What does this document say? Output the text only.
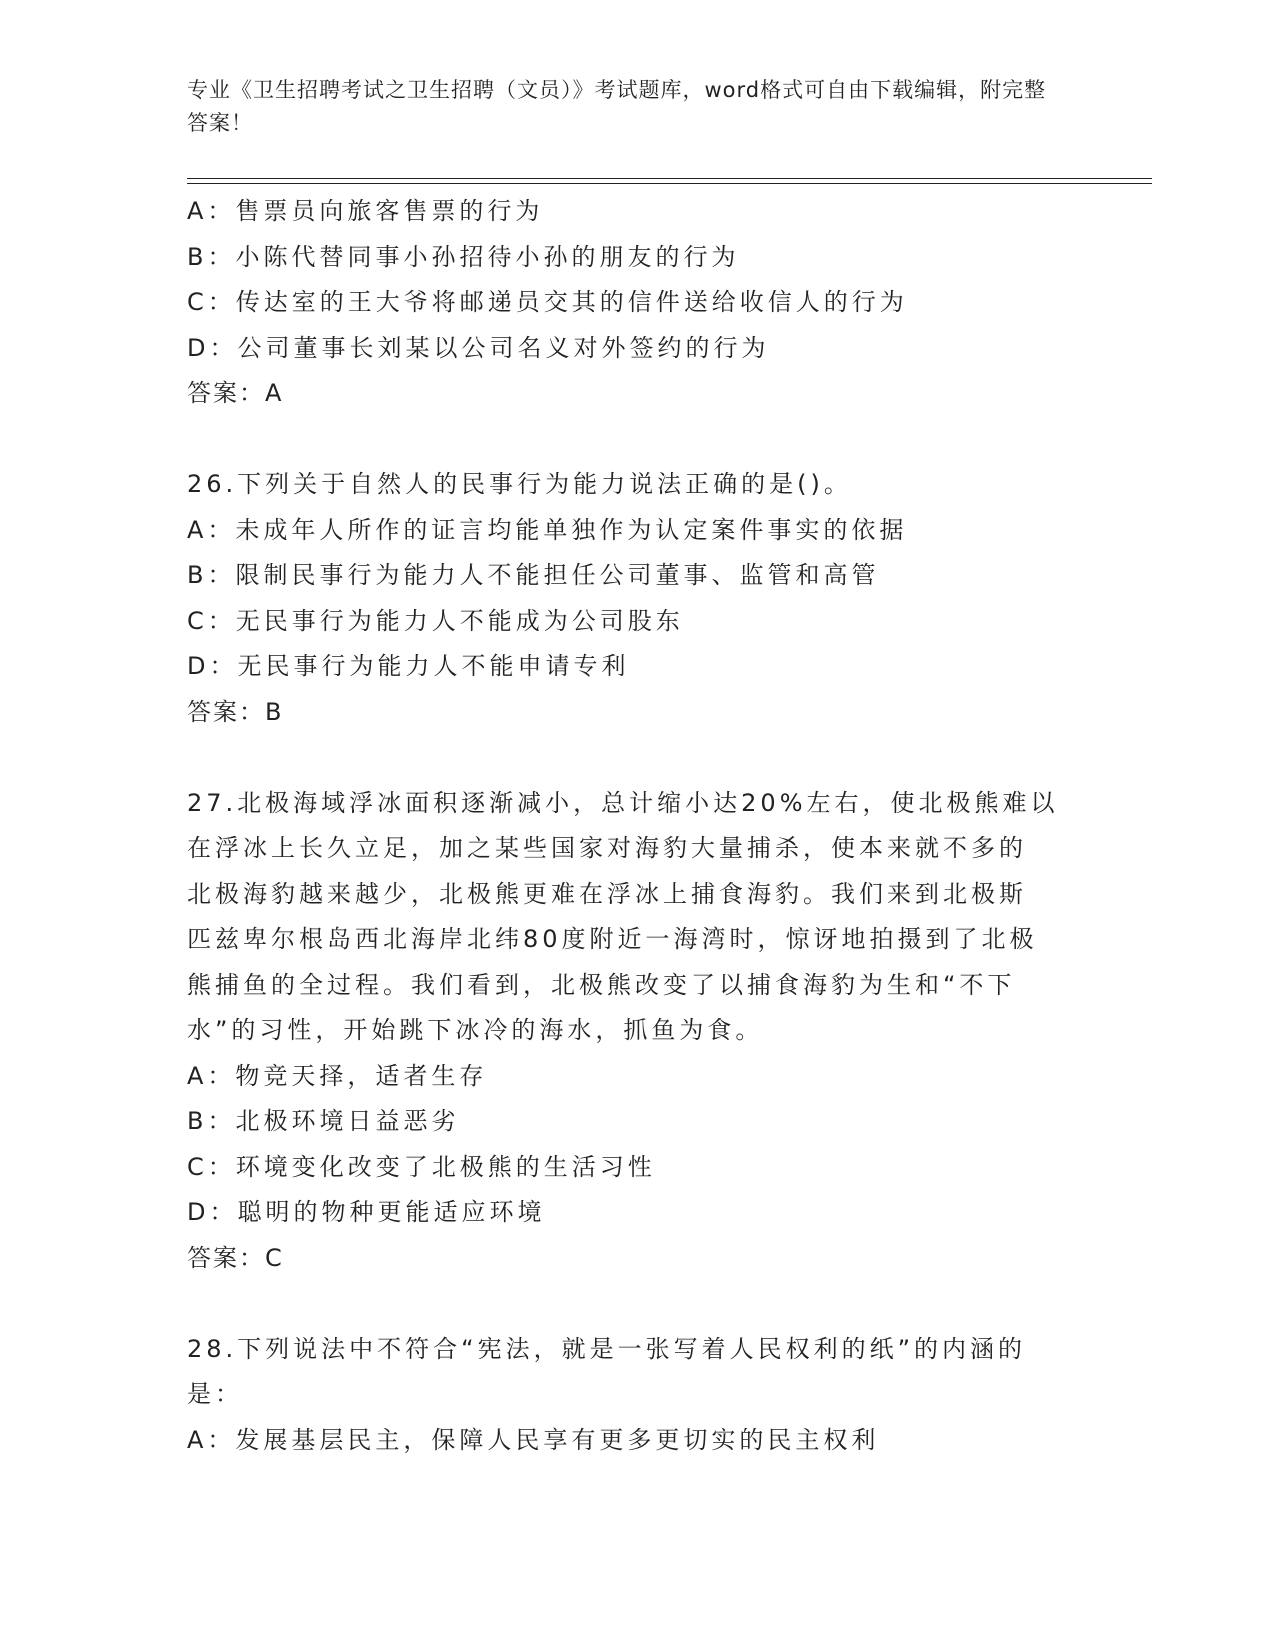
专业《卫生招聘考试之卫生招聘（文员）》考试题库，word格式可自由下载编辑，附完整答案！
A：售票员向旅客售票的行为
B：小陈代替同事小孙招待小孙的朋友的行为
C：传达室的王大爷将邮递员交其的信件送给收信人的行为
D：公司董事长刘某以公司名义对外签约的行为
答案：A
26.下列关于自然人的民事行为能力说法正确的是()。
A：未成年人所作的证言均能单独作为认定案件事实的依据
B：限制民事行为能力人不能担任公司董事、监管和高管
C：无民事行为能力人不能成为公司股东
D：无民事行为能力人不能申请专利
答案：B
27.北极海域浮冰面积逐渐减小，总计缩小达20%左右，使北极熊难以
在浮冰上长久立足，加之某些国家对海豹大量捕杀，使本来就不多的
北极海豹越来越少，北极熊更难在浮冰上捕食海豹。我们来到北极斯
匹兹卑尔根岛西北海岸北纬80度附近一海湾时，惊讶地拍摄到了北极
熊捕鱼的全过程。我们看到，北极熊改变了以捕食海豹为生和“不下
水”的习性，开始跳下冰冷的海水，抓鱼为食。
A：物竞天择，适者生存
B：北极环境日益恶劣
C：环境变化改变了北极熊的生活习性
D：聪明的物种更能适应环境
答案：C
28.下列说法中不符合“宪法，就是一张写着人民权利的纸”的内涵的
是：
A：发展基层民主，保障人民享有更多更切实的民主权利
